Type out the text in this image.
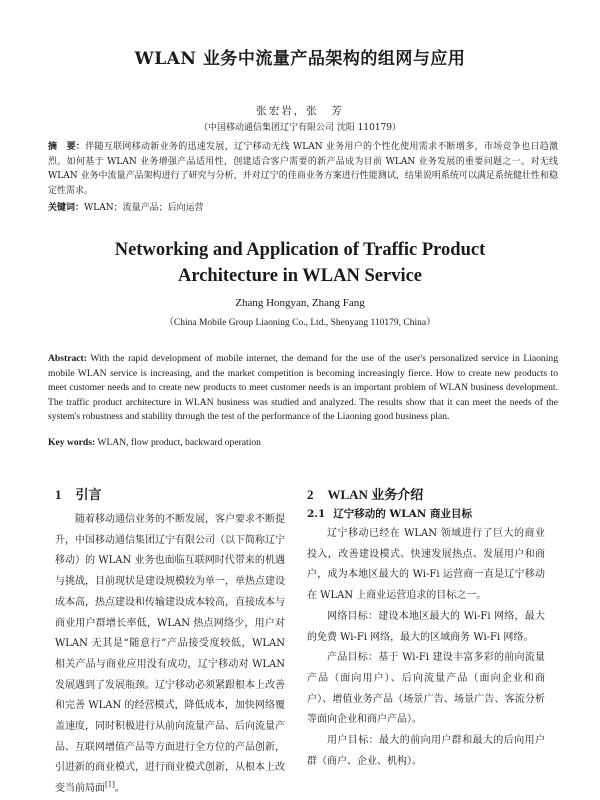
WLAN 业务中流量产品架构的组网与应用
张宏岩，张　芳
（中国移动通信集团辽宁有限公司 沈阳 110179）
摘　要：伴随互联网移动新业务的迅速发展，辽宁移动无线 WLAN 业务用户的个性化使用需求不断增多，市场竞争也日趋激烈。如何基于 WLAN 业务增强产品适用性，创建适合客户需要的新产品成为目前 WLAN 业务发展的重要问题之一。对无线 WLAN 业务中流量产品架构进行了研究与分析，并对辽宁的佳商业务方案进行性能测试，结果说明系统可以满足系统健壮性和稳定性需求。
关键词：WLAN；流量产品；后向运营
Networking and Application of Traffic Product
Architecture in WLAN Service
Zhang Hongyan, Zhang Fang
（China Mobile Group Liaoning Co., Ltd., Shenyang 110179, China）
Abstract: With the rapid development of mobile internet, the demand for the use of the user's personalized service in Liaoning mobile WLAN service is increasing, and the market competition is becoming increasingly fierce. How to create new products to meet customer needs and to create new products to meet customer needs is an important problem of WLAN business development. The traffic product architecture in WLAN business was studied and analyzed. The results show that it can meet the needs of the system's robustness and stability through the test of the performance of the Liaoning good business plan.
Key words: WLAN, flow product, backward operation
1 引言

随着移动通信业务的不断发展，客户要求不断提升，中国移动通信集团辽宁有限公司（以下简称辽宁移动）的 WLAN 业务也面临互联网时代带来的机遇与挑战，目前现状是建设规模较为单一，单热点建设成本高，热点建设和传输建设成本较高，直接成本与商业用户群增长率低，WLAN 热点网络少，用户对 WLAN 无其是“随意行”产品接受度较低，WLAN 相关产品与商业应用没有成功，辽宁移动对 WLAN 发展遇到了发展瓶颈。辽宁移动必须紧跟根本上改善和完善 WLAN 的经营模式，降低成本，加快网络覆盖速度，同时积极进行从前向流量产品、后向流量产品、互联网增值产品等方面进行全方位的产品创新，引进新的商业模式，进行商业模式创新，从根本上改变当前局面[1]。

2 WLAN 业务介绍
2.1 辽宁移动的 WLAN 商业目标

辽宁移动已经在 WLAN 领域进行了巨大的商业投入，改善建设模式、快速发展热点、发展用户和商户，成为本地区最大的 Wi-Fi 运营商一直是辽宁移动在 WLAN 上商业运营追求的目标之一。

网络目标：建设本地区最大的 Wi-Fi 网络，最大的免费 Wi-Fi 网络，最大的区域商务 Wi-Fi 网络。

产品目标：基于 Wi-Fi 建设丰富多彩的前向流量产品（面向用户）、后向流量产品（面向企业和商户）、增值业务产品（场景广告、场景广告、客流分析等面向企业和商户产品）。

用户目标：最大的前向用户群和最大的后向用户群（商户、企业、机构）。
